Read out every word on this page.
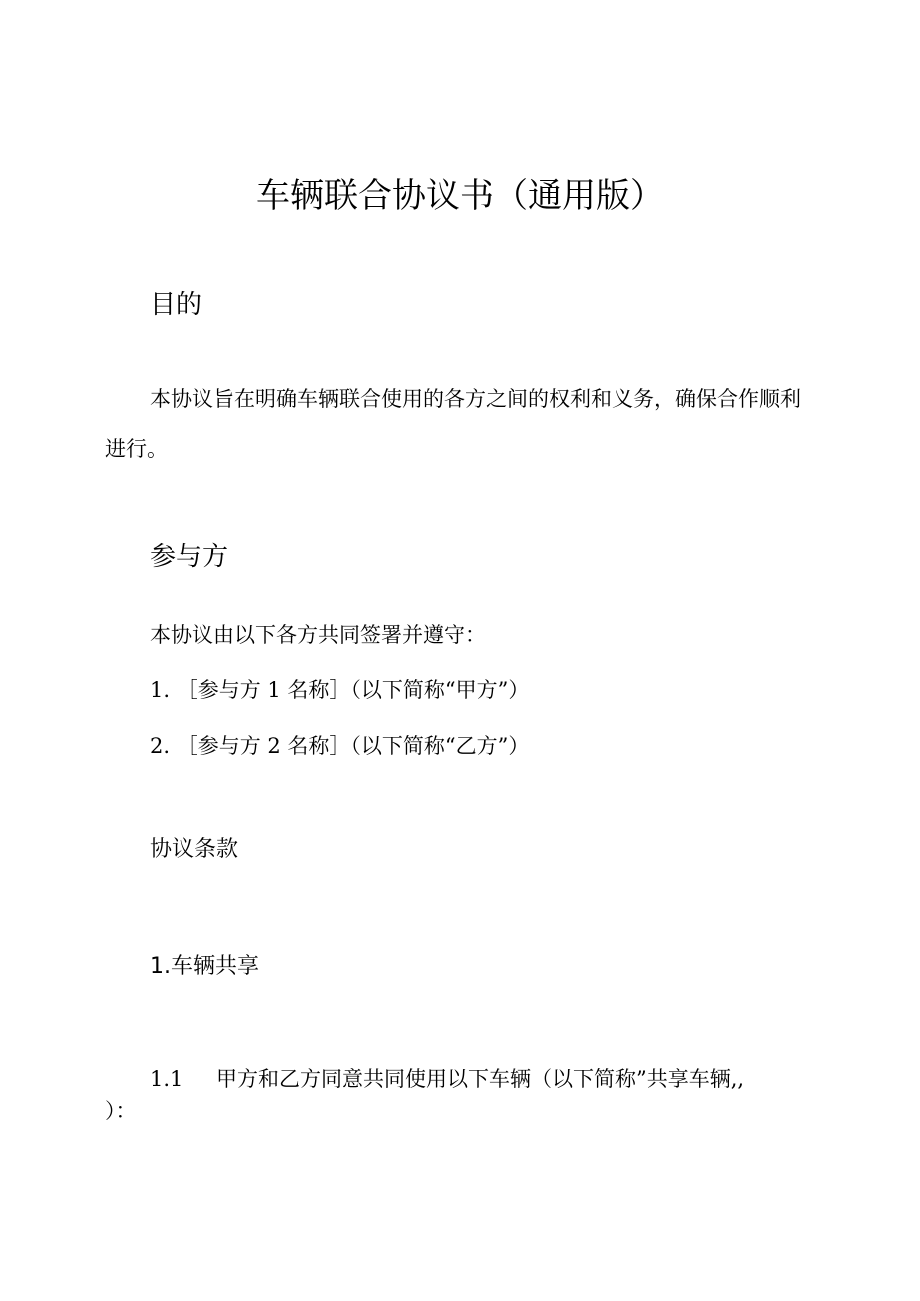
车辆联合协议书（通用版）
目的
本协议旨在明确车辆联合使用的各方之间的权利和义务，确保合作顺利进行。
参与方
本协议由以下各方共同签署并遵守：
1. ［参与方 1 名称］（以下简称“甲方”）
2. ［参与方 2 名称］（以下简称“乙方”）
协议条款
1.车辆共享
1.1 甲方和乙方同意共同使用以下车辆（以下简称”共享车辆,,
）：
